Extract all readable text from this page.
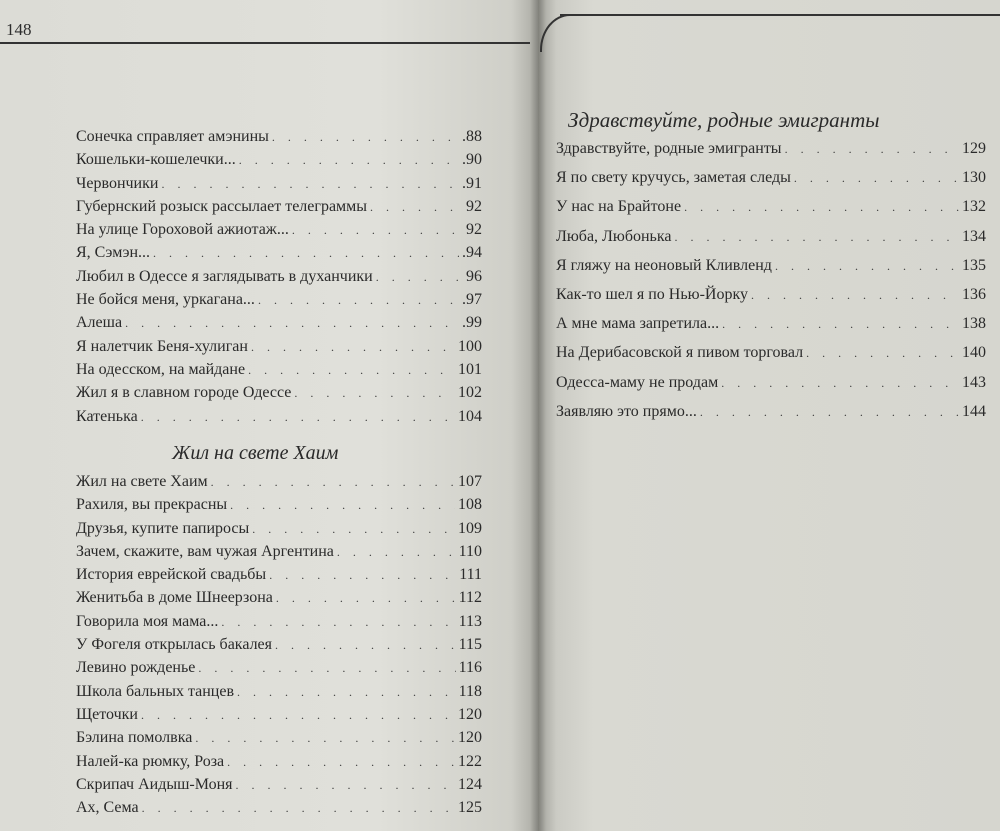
148
Сонечка справляет амэнины . . .	.88
Кошельки-кошелечки... . . .	.90
Червончики . . .	.91
Губернский розыск рассылает телеграммы . . .	92
На улице Гороховой ажиотаж... . . .	92
Я, Сэмэн... . . .	.94
Любил в Одессе я заглядывать в духанчики . . .	96
Не бойся меня, уркагана... . . .	.97
Алеша . . .	.99
Я налетчик Беня-хулиган . . .	100
На одесском, на майдане . . .	101
Жил я в славном городе Одессе . . .	102
Катенька . . .	104
Жил на свете Хаим
Жил на свете Хаим . . .	107
Рахиля, вы прекрасны . . .	108
Друзья, купите папиросы . . .	109
Зачем, скажите, вам чужая Аргентина . . .	110
История еврейской свадьбы . . .	111
Женитьба в доме Шнеерзона . . .	112
Говорила моя мама... . . .	113
У Фогеля открылась бакалея . . .	115
Левино рожденье . . .	116
Школа бальных танцев . . .	118
Щеточки . . .	120
Бэлина помолвка . . .	120
Налей-ка рюмку, Роза . . .	122
Скрипач Аидыш-Моня . . .	124
Ах, Сема . . .	125
Здравствуйте, родные эмигранты
Здравствуйте, родные эмигранты . . .	129
Я по свету кручусь, заметая следы . . .	130
У нас на Брайтоне . . .	132
Люба, Любонька . . .	134
Я гляжу на неоновый Кливленд . . .	135
Как-то шел я по Нью-Йорку . . .	136
А мне мама запретила... . . .	138
На Дерибасовской я пивом торговал . . .	140
Одесса-маму не продам . . .	143
Заявляю это прямо... . . .	144
